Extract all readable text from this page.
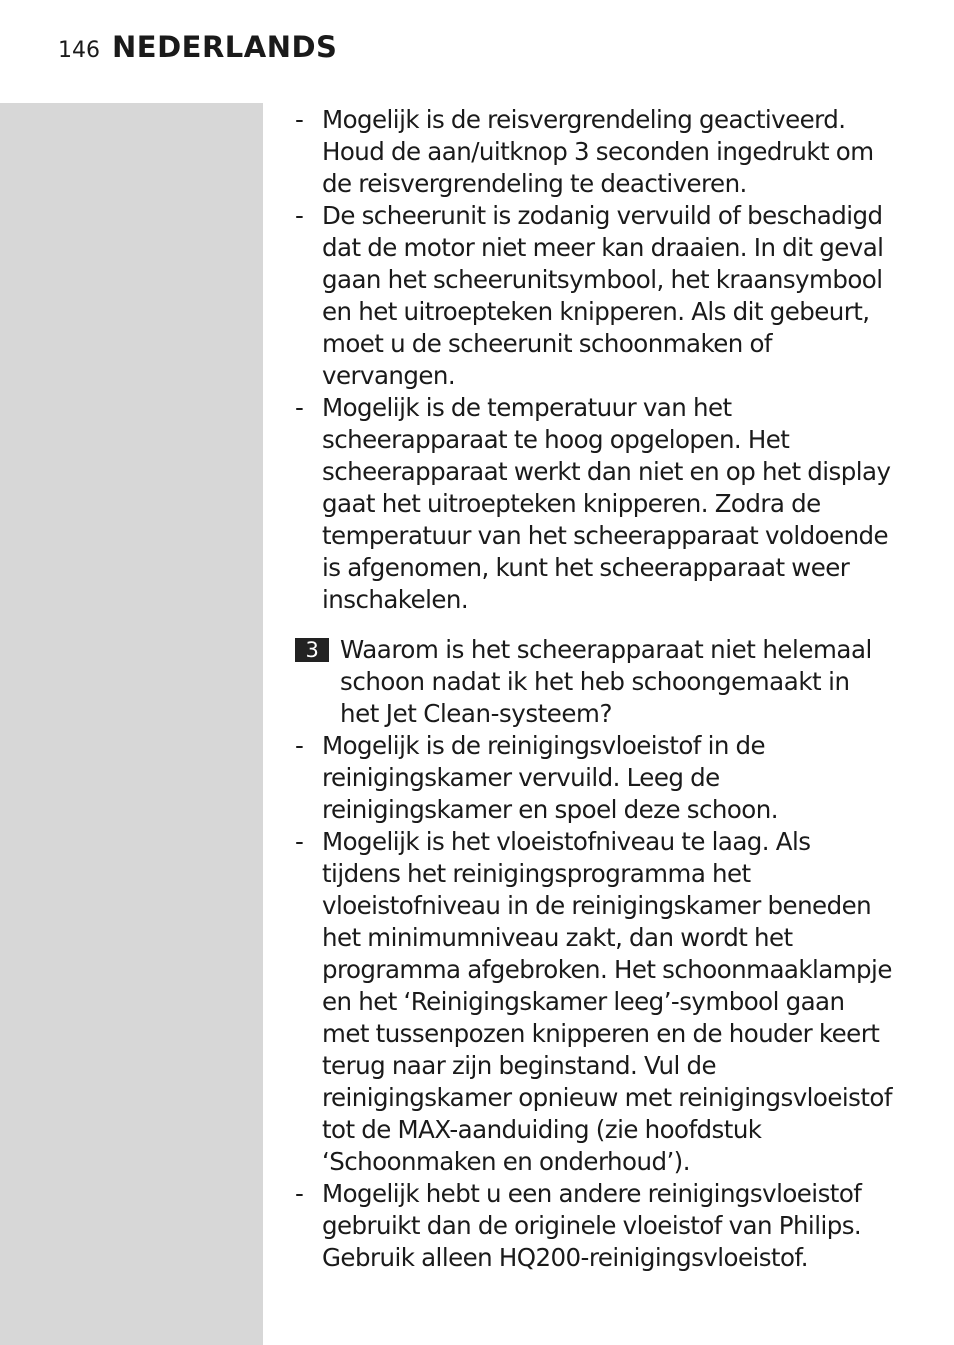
146 NEDERLANDS
- Mogelijk is de reisvergrendeling geactiveerd. Houd de aan/uitknop 3 seconden ingedrukt om de reisvergrendeling te deactiveren.
- De scheerunit is zodanig vervuild of beschadigd dat de motor niet meer kan draaien. In dit geval gaan het scheerunitsymbool, het kraansymbool en het uitroepteken knipperen. Als dit gebeurt, moet u de scheerunit schoonmaken of vervangen.
- Mogelijk is de temperatuur van het scheerapparaat te hoog opgelopen. Het scheerapparaat werkt dan niet en op het display gaat het uitroepteken knipperen. Zodra de temperatuur van het scheerapparaat voldoende is afgenomen, kunt het scheerapparaat weer inschakelen.
3 Waarom is het scheerapparaat niet helemaal schoon nadat ik het heb schoongemaakt in het Jet Clean-systeem?
- Mogelijk is de reinigingsvloeistof in de reinigingskamer vervuild. Leeg de reinigingskamer en spoel deze schoon.
- Mogelijk is het vloeistofniveau te laag. Als tijdens het reinigingsprogramma het vloeistofniveau in de reinigingskamer beneden het minimumniveau zakt, dan wordt het programma afgebroken. Het schoonmaaklampje en het ‘Reinigingskamer leeg’-symbool gaan met tussenpozen knipperen en de houder keert terug naar zijn beginstand. Vul de reinigingskamer opnieuw met reinigingsvloeistof tot de MAX-aanduiding (zie hoofdstuk ‘Schoonmaken en onderhoud’).
- Mogelijk hebt u een andere reinigingsvloeistof gebruikt dan de originele vloeistof van Philips. Gebruik alleen HQ200-reinigingsvloeistof.
